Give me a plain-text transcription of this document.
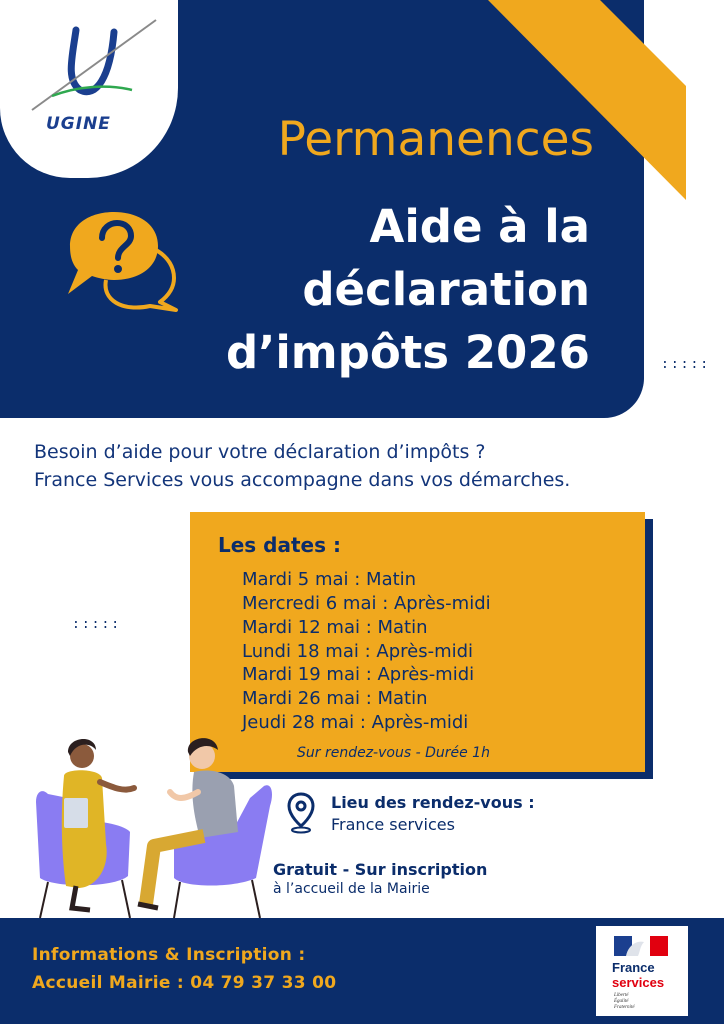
UGINE	Permanences
Aide à la
déclaration
d’impôts 2026	:::::
Besoin d’aide pour votre déclaration d’impôts ?
France Services vous accompagne dans vos démarches.
Les dates :
Mardi 5 mai : Matin
Mercredi 6 mai : Après-midi
Mardi 12 mai : Matin
Lundi 18 mai : Après-midi
Mardi 19 mai : Après-midi
Mardi 26 mai : Matin
Jeudi 28 mai : Après-midi
Sur rendez-vous - Durée 1h
:::::
Lieu des rendez-vous :
France services
Gratuit - Sur inscription
à l’accueil de la Mairie
Informations & Inscription :
Accueil Mairie : 04 79 37 33 00
France
services
Liberté
Égalité
Fraternité
